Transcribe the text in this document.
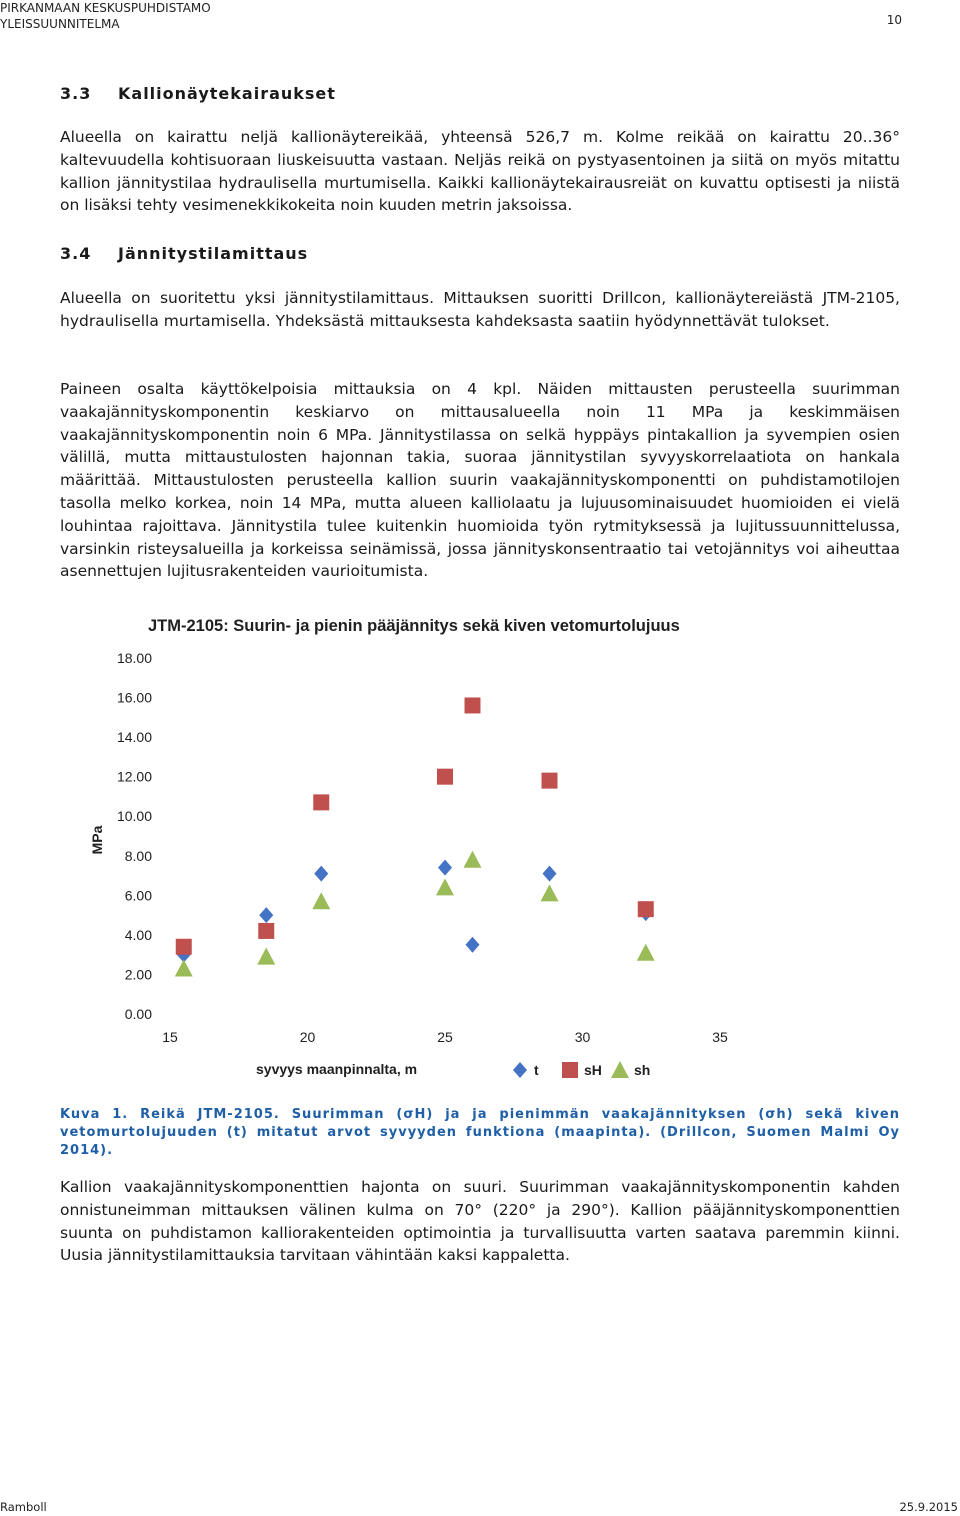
PIRKANMAAN KESKUSPUHDISTAMO
YLEISSUUNNITELMA	10
3.3 Kallionäytekairaukset
Alueella on kairattu neljä kallionäytereikää, yhteensä 526,7 m. Kolme reikää on kairattu 20..36° kaltevuudella kohtisuoraan liuskeisuutta vastaan. Neljäs reikä on pystyasentoinen ja siitä on myös mitattu kallion jännitystilaa hydraulisella murtumisella. Kaikki kallionäytekairausreiät on kuvattu optisesti ja niistä on lisäksi tehty vesimenekkikokeita noin kuuden metrin jaksoissa.
3.4 Jännitystilamittaus
Alueella on suoritettu yksi jännitystilamittaus. Mittauksen suoritti Drillcon, kallionäytereiästä JTM-2105, hydraulisella murtamisella. Yhdeksästä mittauksesta kahdeksasta saatiin hyödynnettävät tulokset.
Paineen osalta käyttökelpoisia mittauksia on 4 kpl. Näiden mittausten perusteella suurimman vaakajännityskomponentin keskiarvo on mittausalueella noin 11 MPa ja keskimmäisen vaakajännityskomponentin noin 6 MPa. Jännitystilassa on selkä hyppäys pintakallion ja syvempien osien välillä, mutta mittaustulosten hajonnan takia, suoraa jännitystilan syvyyskorrelaatiota on hankala määrittää. Mittaustulosten perusteella kallion suurin vaakajännityskomponentti on puhdistamotilojen tasolla melko korkea, noin 14 MPa, mutta alueen kalliolaatu ja lujuusominaisuudet huomioiden ei vielä louhintaa rajoittava. Jännitystila tulee kuitenkin huomioida työn rytmityksessä ja lujitussuunnittelussa, varsinkin risteysalueilla ja korkeissa seinämissä, jossa jännityskonsentraatio tai vetojännitys voi aiheuttaa asennettujen lujitusrakenteiden vaurioitumista.
JTM-2105: Suurin- ja pienin pääjännitys sekä kiven vetomurtolujuus
0.00
2.00
4.00
6.00
8.00
10.00
12.00
14.00
16.00
18.00
15	20	25	30	35
MPa
syvyys maanpinnalta, m	t	sH sh
Kuva 1. Reikä JTM-2105. Suurimman (σH) ja ja pienimmän vaakajännityksen (σh) sekä kiven vetomurtolujuuden (t) mitatut arvot syvyyden funktiona (maapinta). (Drillcon, Suomen Malmi Oy 2014).
Kallion vaakajännityskomponenttien hajonta on suuri. Suurimman vaakajännityskomponentin kahden onnistuneimman mittauksen välinen kulma on 70° (220° ja 290°). Kallion pääjännityskomponenttien suunta on puhdistamon kalliorakenteiden optimointia ja turvallisuutta varten saatava paremmin kiinni. Uusia jännitystilamittauksia tarvitaan vähintään kaksi kappaletta.
Ramboll	25.9.2015
